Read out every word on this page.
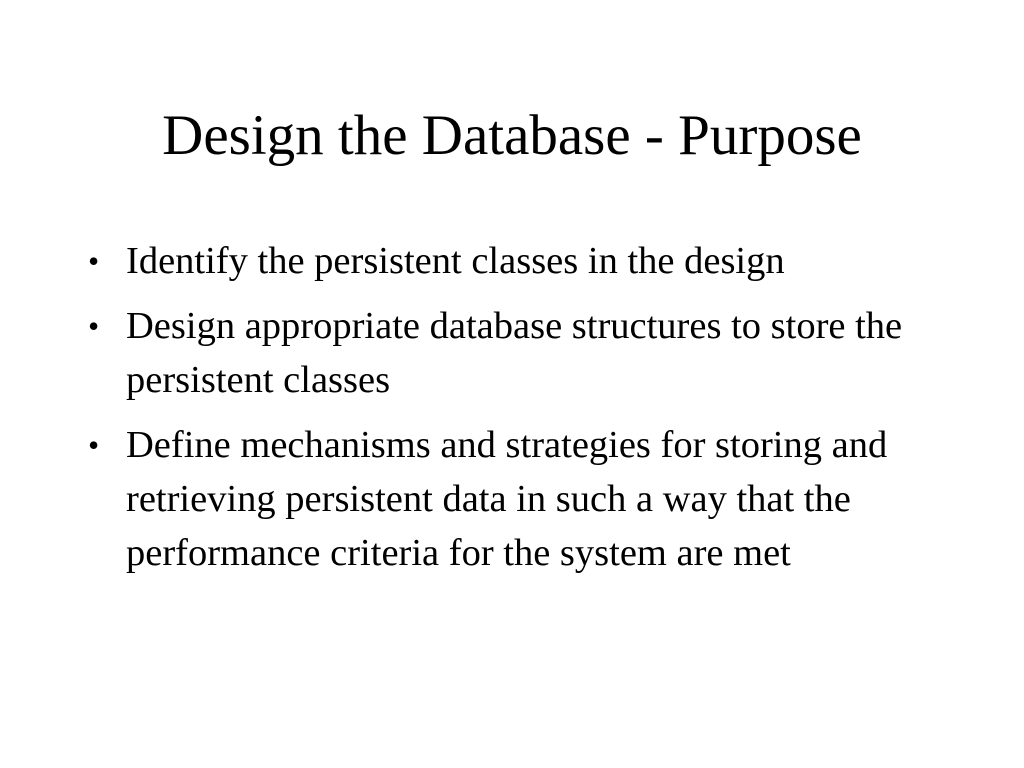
Design the Database - Purpose
• Identify the persistent classes in the design
• Design appropriate database structures to store the persistent classes
• Define mechanisms and strategies for storing and retrieving persistent data in such a way that the performance criteria for the system are met
